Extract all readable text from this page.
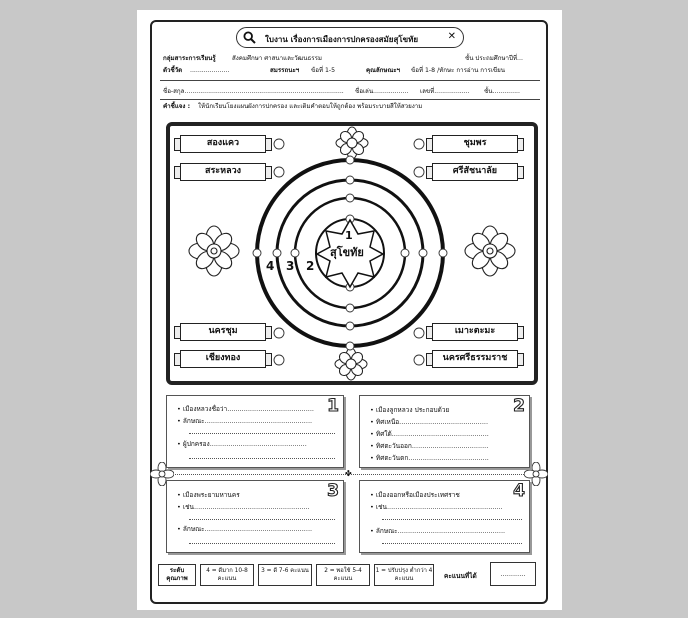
ใบงาน เรื่องการเมืองการปกครองสมัยสุโขทัย	✕
กลุ่มสาระการเรียนรู้	สังคมศึกษา ศาสนาและวัฒนธรรม	ชั้น ประถมศึกษาปีที่...
ตัวชี้วัด ....................	สมรรถนะฯ ข้อที่ 1-5	คุณลักษณะฯ ข้อที่ 1-8 /ทักษะ การอ่าน การเขียน
ชื่อ-สกุล................................................................................. ชื่อเล่น.................. เลขที่.................. ชั้น..............
คำชี้แจง : ให้นักเรียนโยงแผนผังการปกครอง และเติมคำตอบให้ถูกต้อง พร้อมระบายสีให้สวยงาม
1
สุโขทัย
2
3
4
สองแคว
สระหลวง
นครชุม
เชียงทอง
ชุมพร
ศรีสัชนาลัย
เมาะตะมะ
นครศรีธรรมราช
✤
1
• เมืองหลวงชื่อว่า..........................................
• ลักษณะ....................................................
• ผู้ปกครอง...............................................
2
• เมืองลูกหลวง ประกอบด้วย
• ทิศเหนือ...........................................
• ทิศใต้...............................................
• ทิศตะวันออก.....................................
• ทิศตะวันตก.......................................
3
• เมืองพระยามหานคร
• เช่น........................................................
• ลักษณะ....................................................
4
• เมืองออกหรือเมืองประเทศราช
• เช่น........................................................
• ลักษณะ....................................................
ระดับ คุณภาพ
4 = ดีมาก 10-8 คะแนน
3 = ดี 7-6 คะแนน	2 = พอใช้ 5-4 คะแนน
1 = ปรับปรุง ต่ำกว่า 4 คะแนน	คะแนนที่ได้	............
